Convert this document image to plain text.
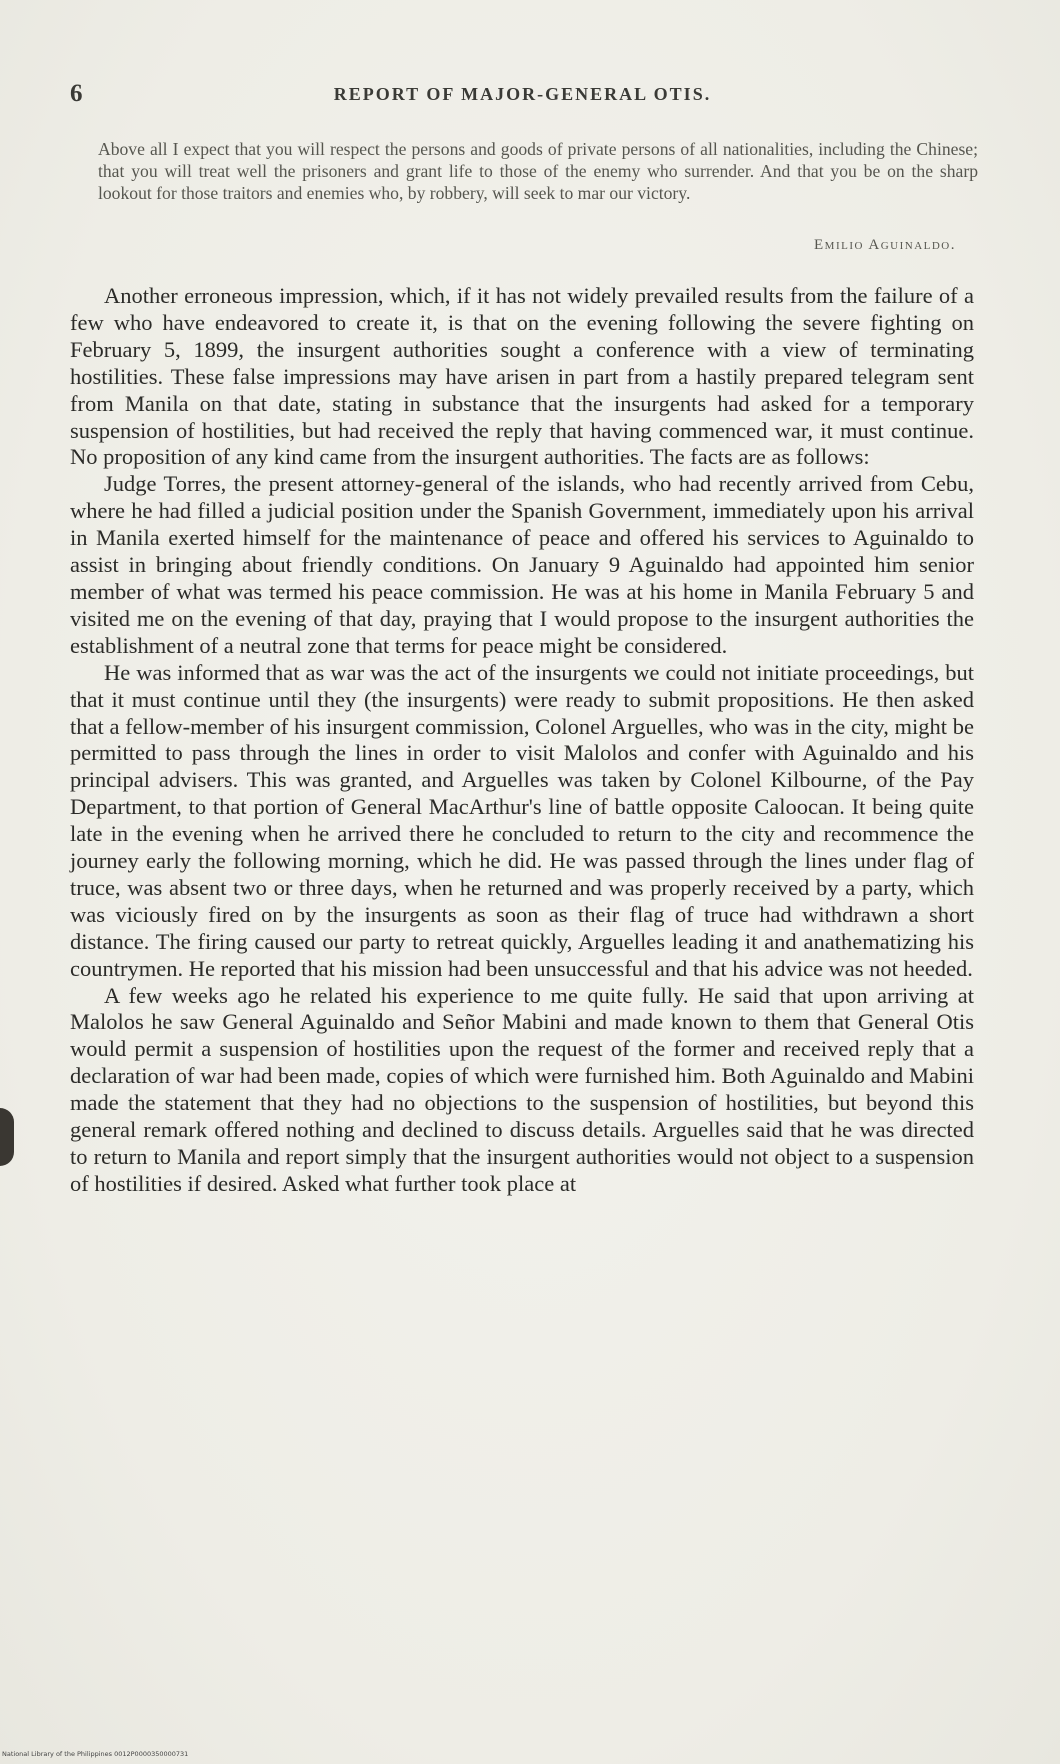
6	REPORT OF MAJOR-GENERAL OTIS.

Above all I expect that you will respect the persons and goods of private persons of all nationalities, including the Chinese; that you will treat well the prisoners and grant life to those of the enemy who surrender. And that you be on the sharp lookout for those traitors and enemies who, by robbery, will seek to mar our victory.

Emilio Aguinaldo.

Another erroneous impression, which, if it has not widely prevailed results from the failure of a few who have endeavored to create it, is that on the evening following the severe fighting on February 5, 1899, the insurgent authorities sought a conference with a view of terminating hostilities. These false impressions may have arisen in part from a hastily prepared telegram sent from Manila on that date, stating in substance that the insurgents had asked for a temporary suspension of hostilities, but had received the reply that having commenced war, it must continue. No proposition of any kind came from the insurgent authorities. The facts are as follows:

Judge Torres, the present attorney-general of the islands, who had recently arrived from Cebu, where he had filled a judicial position under the Spanish Government, immediately upon his arrival in Manila exerted himself for the maintenance of peace and offered his services to Aguinaldo to assist in bringing about friendly conditions. On January 9 Aguinaldo had appointed him senior member of what was termed his peace commission. He was at his home in Manila February 5 and visited me on the evening of that day, praying that I would propose to the insurgent authorities the establishment of a neutral zone that terms for peace might be considered.

He was informed that as war was the act of the insurgents we could not initiate proceedings, but that it must continue until they (the insurgents) were ready to submit propositions. He then asked that a fellow-member of his insurgent commission, Colonel Arguelles, who was in the city, might be permitted to pass through the lines in order to visit Malolos and confer with Aguinaldo and his principal advisers. This was granted, and Arguelles was taken by Colonel Kilbourne, of the Pay Department, to that portion of General MacArthur's line of battle opposite Caloocan. It being quite late in the evening when he arrived there he concluded to return to the city and recommence the journey early the following morning, which he did. He was passed through the lines under flag of truce, was absent two or three days, when he returned and was properly received by a party, which was viciously fired on by the insurgents as soon as their flag of truce had withdrawn a short distance. The firing caused our party to retreat quickly, Arguelles leading it and anathematizing his countrymen. He reported that his mission had been unsuccessful and that his advice was not heeded.

A few weeks ago he related his experience to me quite fully. He said that upon arriving at Malolos he saw General Aguinaldo and Señor Mabini and made known to them that General Otis would permit a suspension of hostilities upon the request of the former and received reply that a declaration of war had been made, copies of which were furnished him. Both Aguinaldo and Mabini made the statement that they had no objections to the suspension of hostilities, but beyond this general remark offered nothing and declined to discuss details. Arguelles said that he was directed to return to Manila and report simply that the insurgent authorities would not object to a suspension of hostilities if desired. Asked what further took place at

National Library of the Philippines 0012P0000350000731
